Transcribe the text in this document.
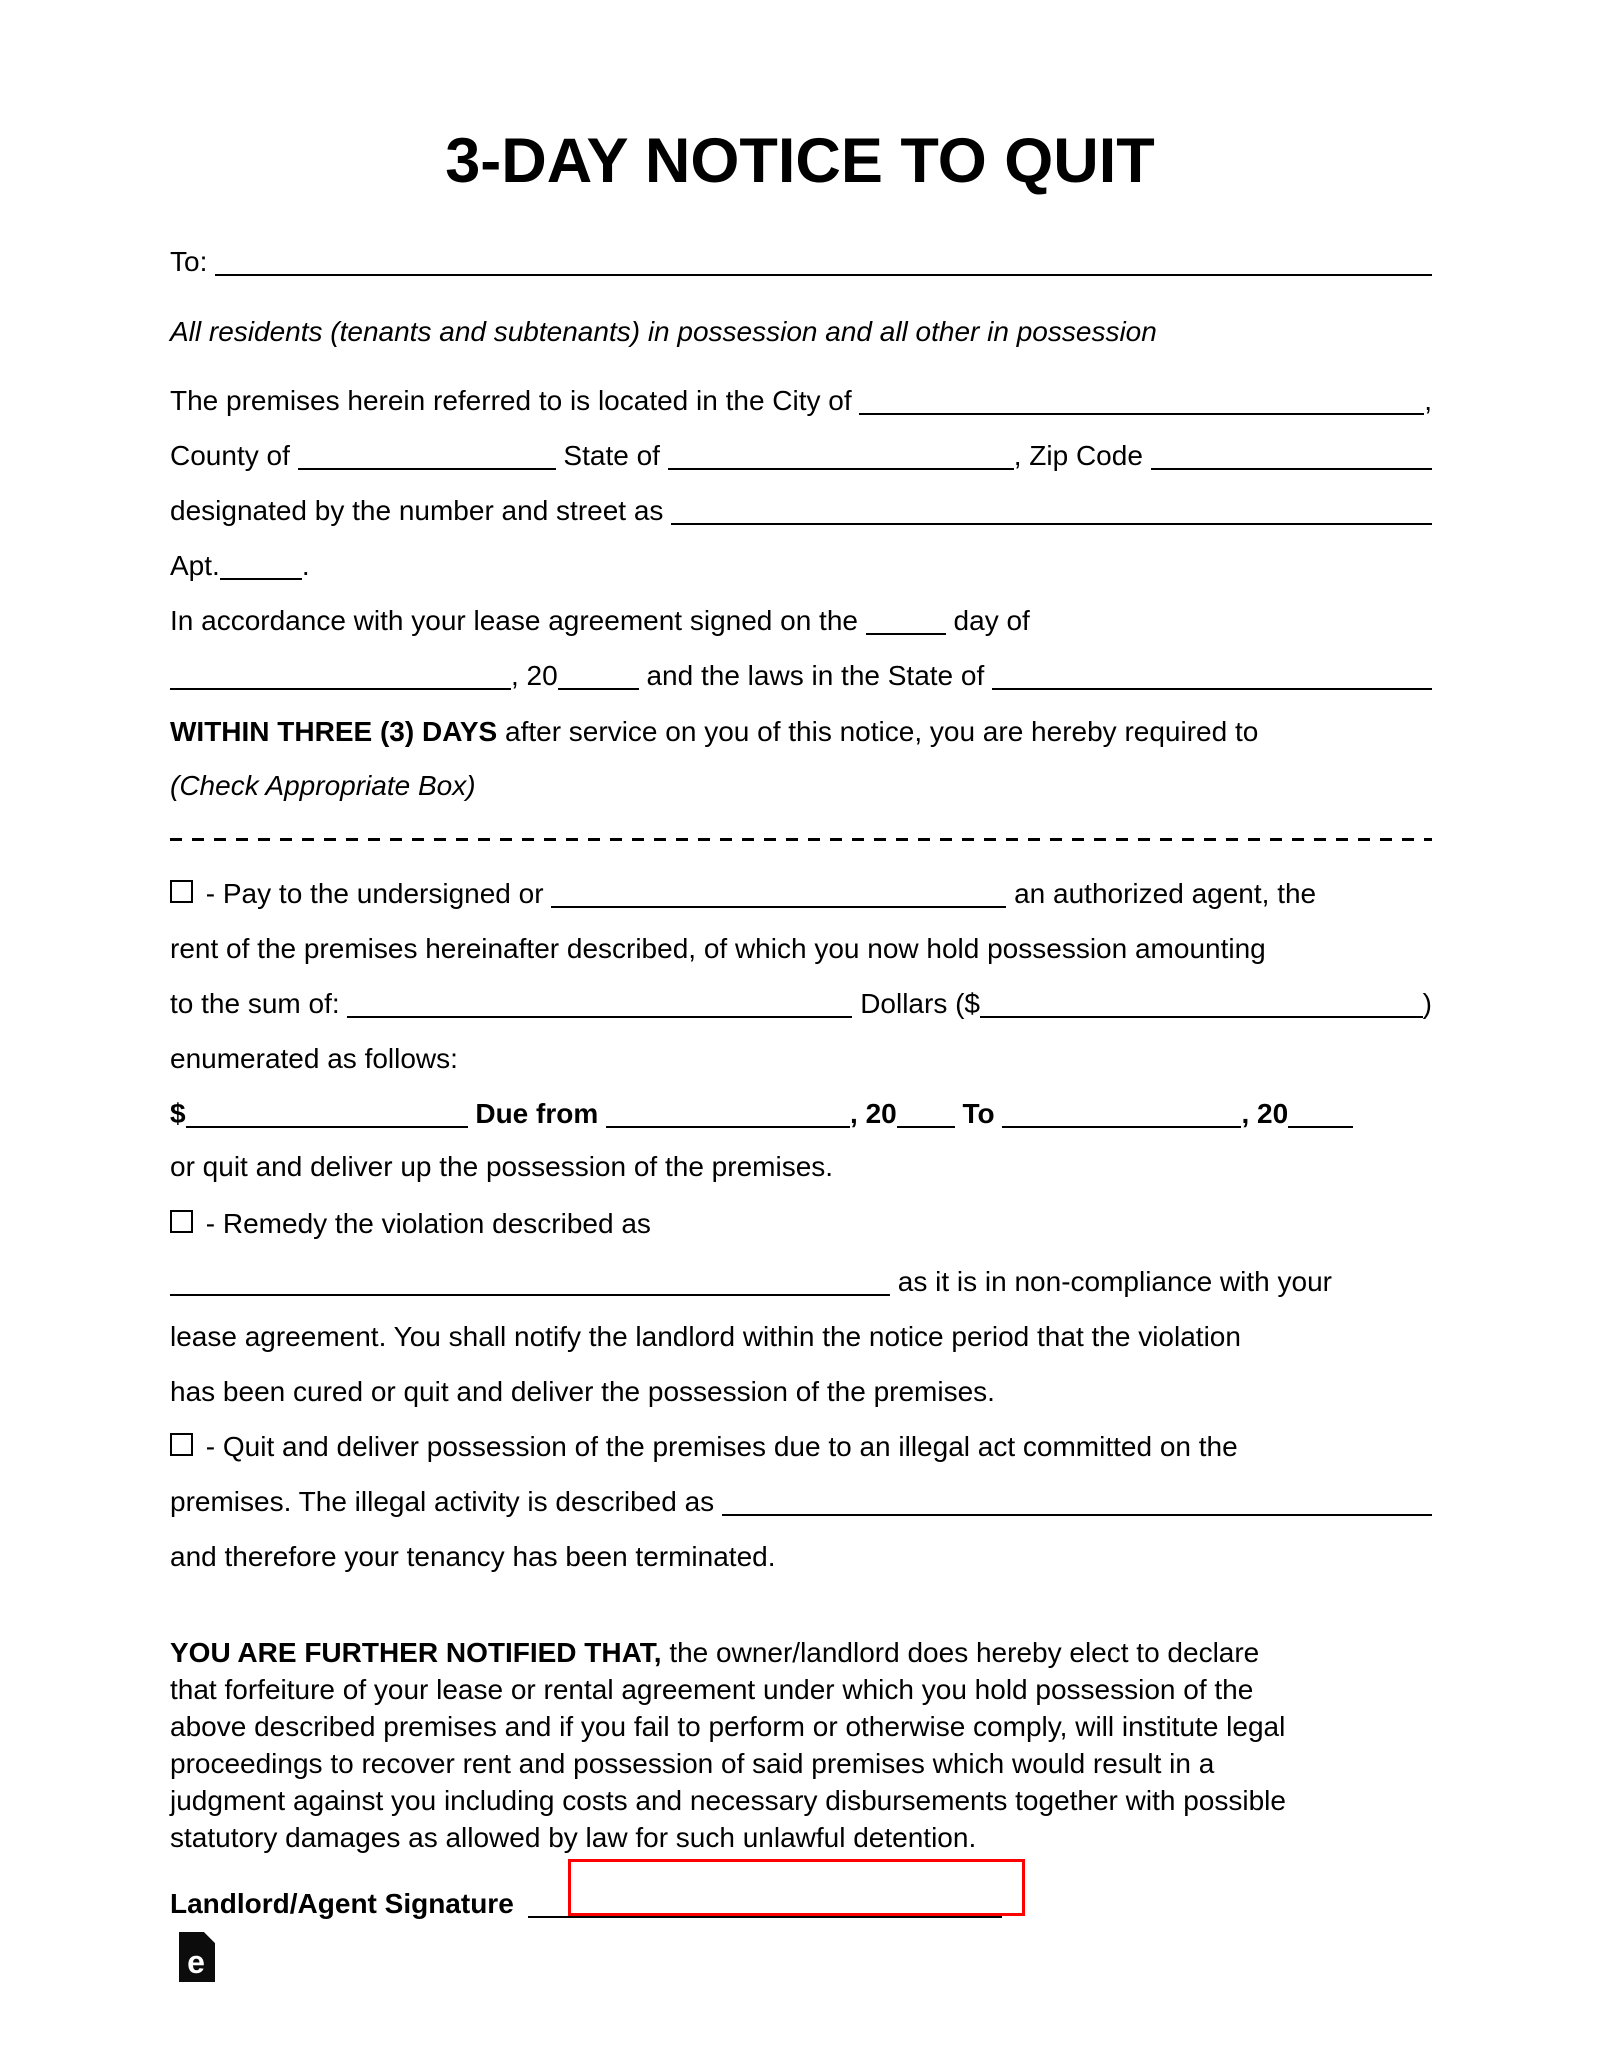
3-DAY NOTICE TO QUIT
To:
All residents (tenants and subtenants) in possession and all other in possession
The premises herein referred to is located in the City of	,
County of	State of	, Zip Code
designated by the number and street as
Apt.	.
In accordance with your lease agreement signed on the	day of
, 20	and the laws in the State of
WITHIN THREE (3) DAYS after service on you of this notice, you are hereby required to
(Check Appropriate Box)
- Pay to the undersigned or	an authorized agent, the
rent of the premises hereinafter described, of which you now hold possession amounting
to the sum of:	Dollars ($	)
enumerated as follows:
$	Due from	, 20 To	, 20
or quit and deliver up the possession of the premises.
- Remedy the violation described as
as it is in non-compliance with your
lease agreement. You shall notify the landlord within the notice period that the violation
has been cured or quit and deliver the possession of the premises.
- Quit and deliver possession of the premises due to an illegal act committed on the
premises. The illegal activity is described as
and therefore your tenancy has been terminated.
YOU ARE FURTHER NOTIFIED THAT, the owner/landlord does hereby elect to declare
that forfeiture of your lease or rental agreement under which you hold possession of the
above described premises and if you fail to perform or otherwise comply, will institute legal
proceedings to recover rent and possession of said premises which would result in a
judgment against you including costs and necessary disbursements together with possible
statutory damages as allowed by law for such unlawful detention.
Landlord/Agent Signature
e
